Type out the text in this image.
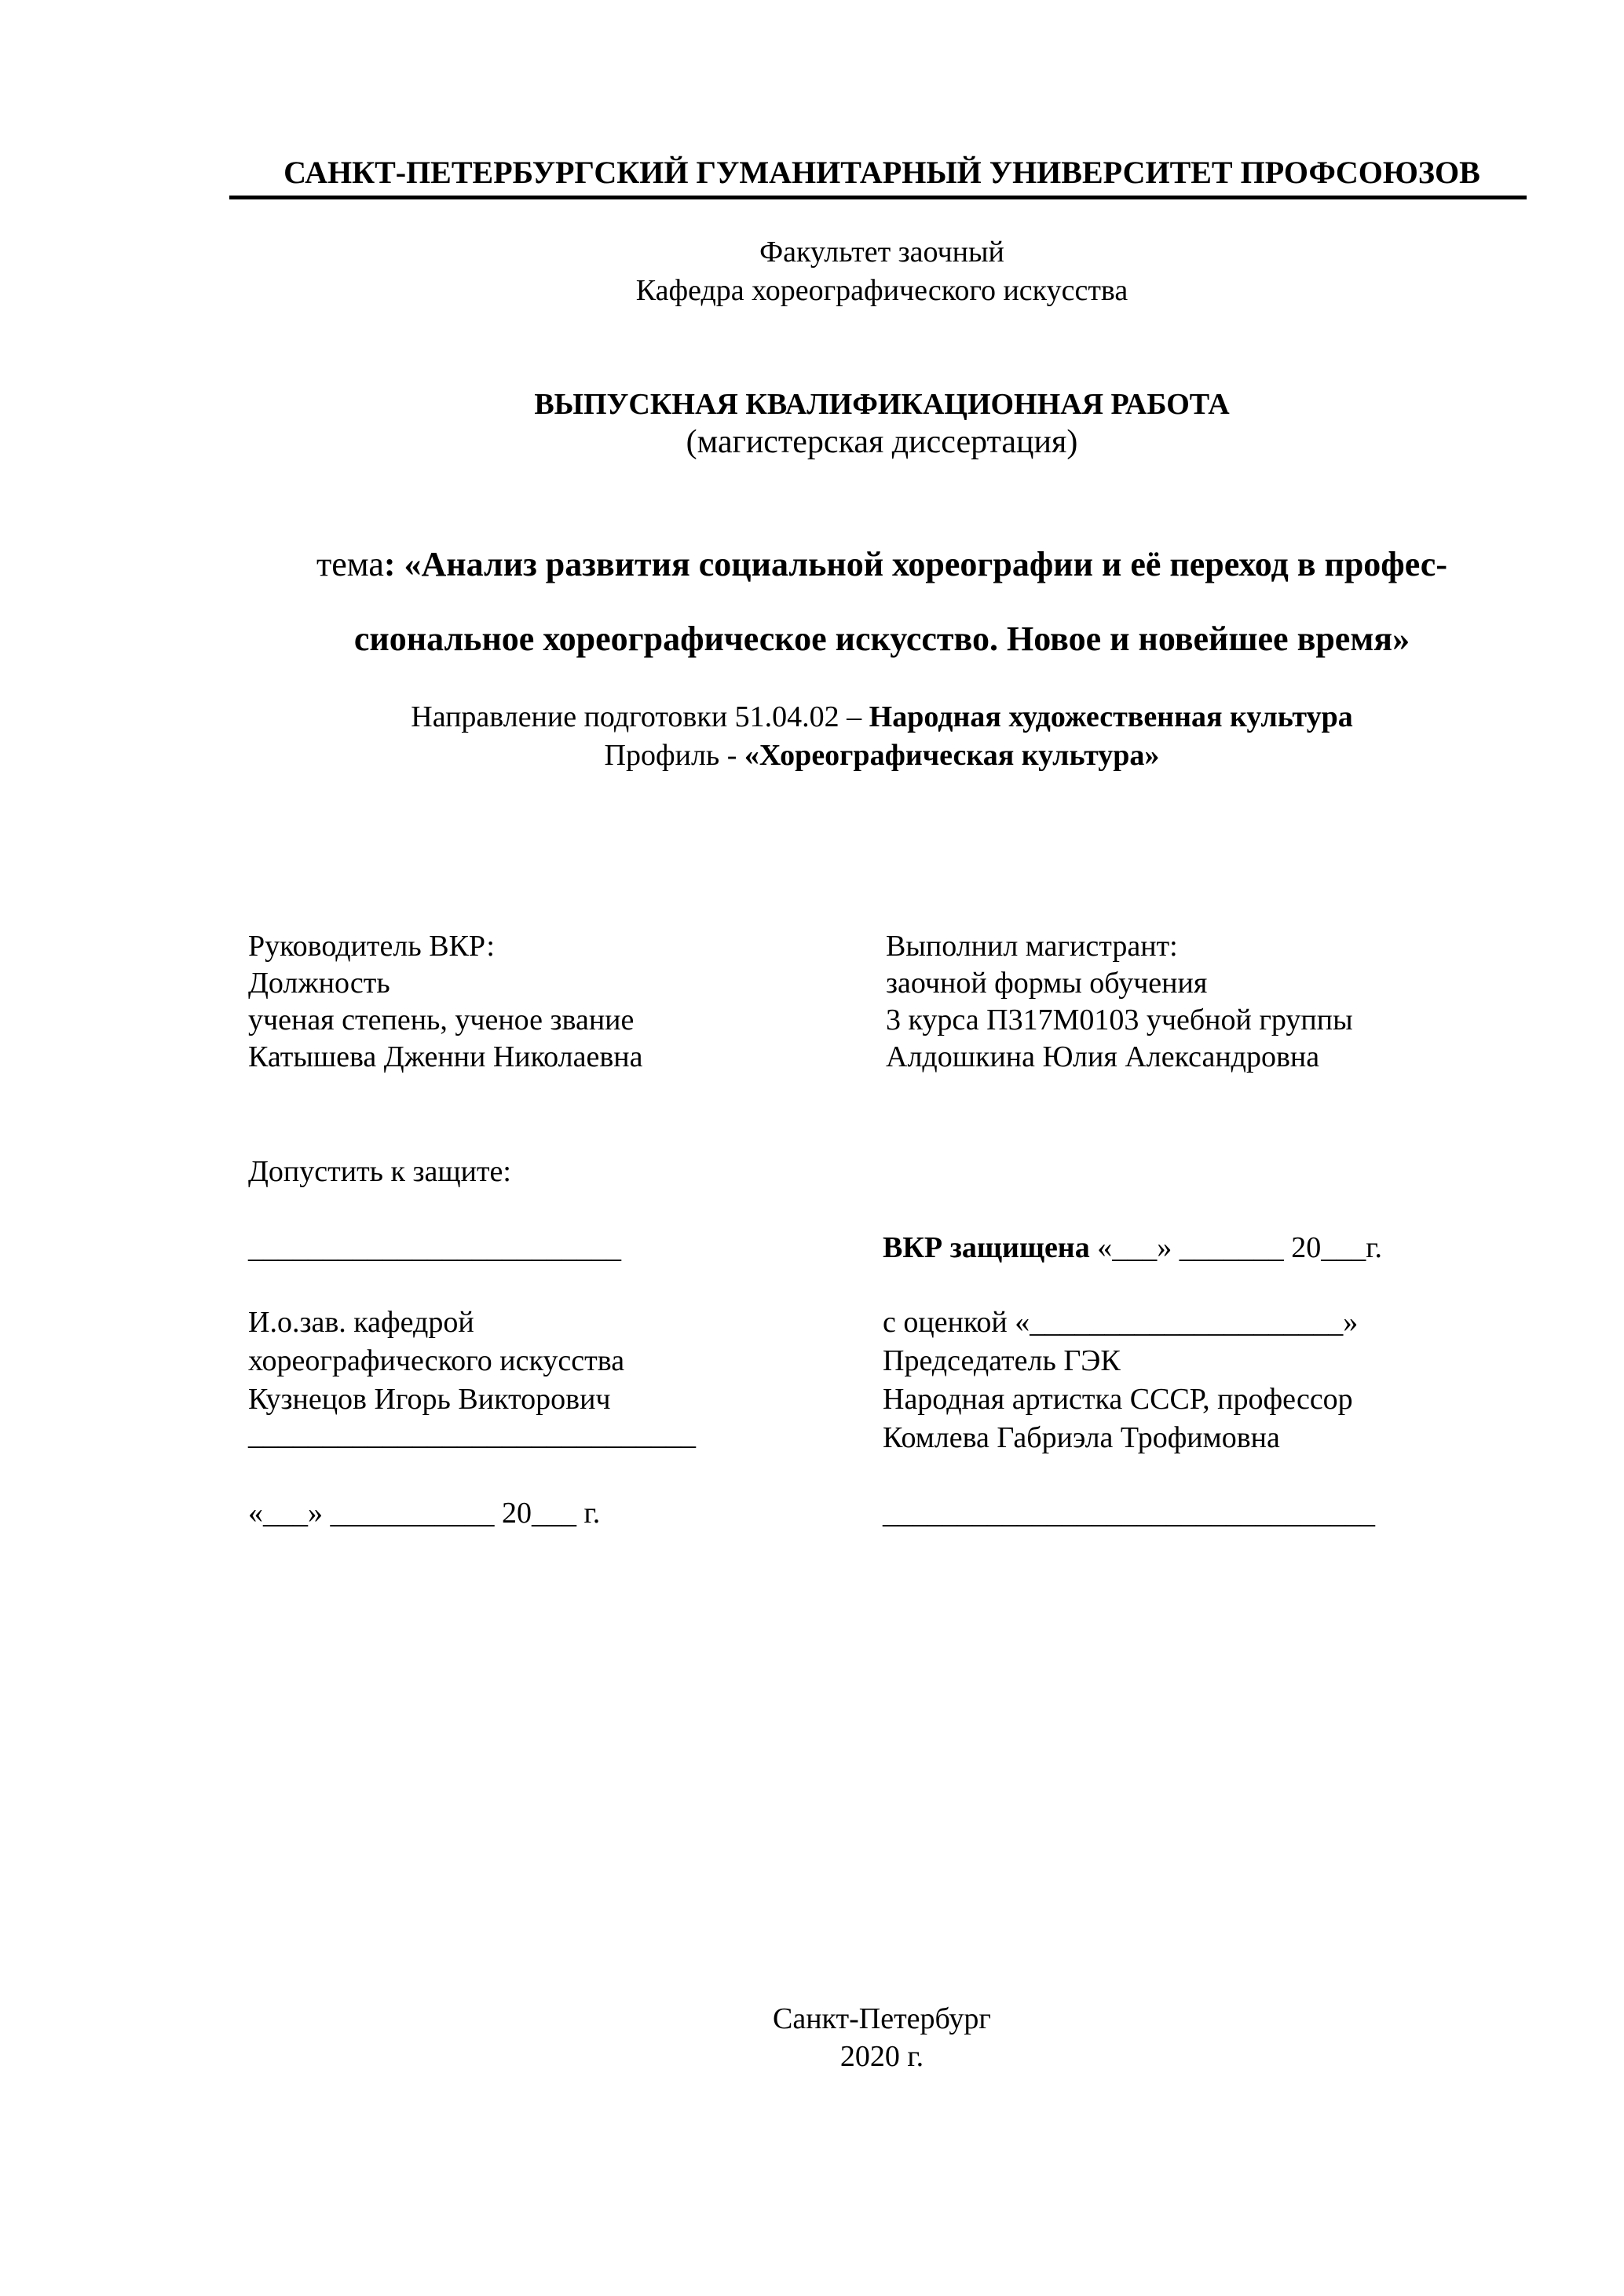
САНКТ-ПЕТЕРБУРГСКИЙ ГУМАНИТАРНЫЙ УНИВЕРСИТЕТ ПРОФСОЮЗОВ
Факультет заочный
Кафедра хореографического искусства
ВЫПУСКНАЯ КВАЛИФИКАЦИОННАЯ РАБОТА
(магистерская диссертация)
тема: «Анализ развития социальной хореографии и её переход в профес-
сиональное хореографическое искусство. Новое и новейшее время»
Направление подготовки 51.04.02 – Народная художественная культура
Профиль - «Хореографическая культура»
Руководитель ВКР:
Должность
ученая степень, ученое звание
Катышева Дженни Николаевна
Выполнил магистрант:
заочной формы обучения
3 курса П317М0103 учебной группы
Алдошкина Юлия Александровна
Допустить к защите:
_________________________	ВКР защищена «___» _______ 20___г.
И.о.зав. кафедрой
хореографического искусства
Кузнецов Игорь Викторович
______________________________
«___» ___________ 20___ г.
с оценкой «_____________________»
Председатель ГЭК
Народная артистка СССР, профессор
Комлева Габриэла Трофимовна
_________________________________
Санкт-Петербург
2020 г.
